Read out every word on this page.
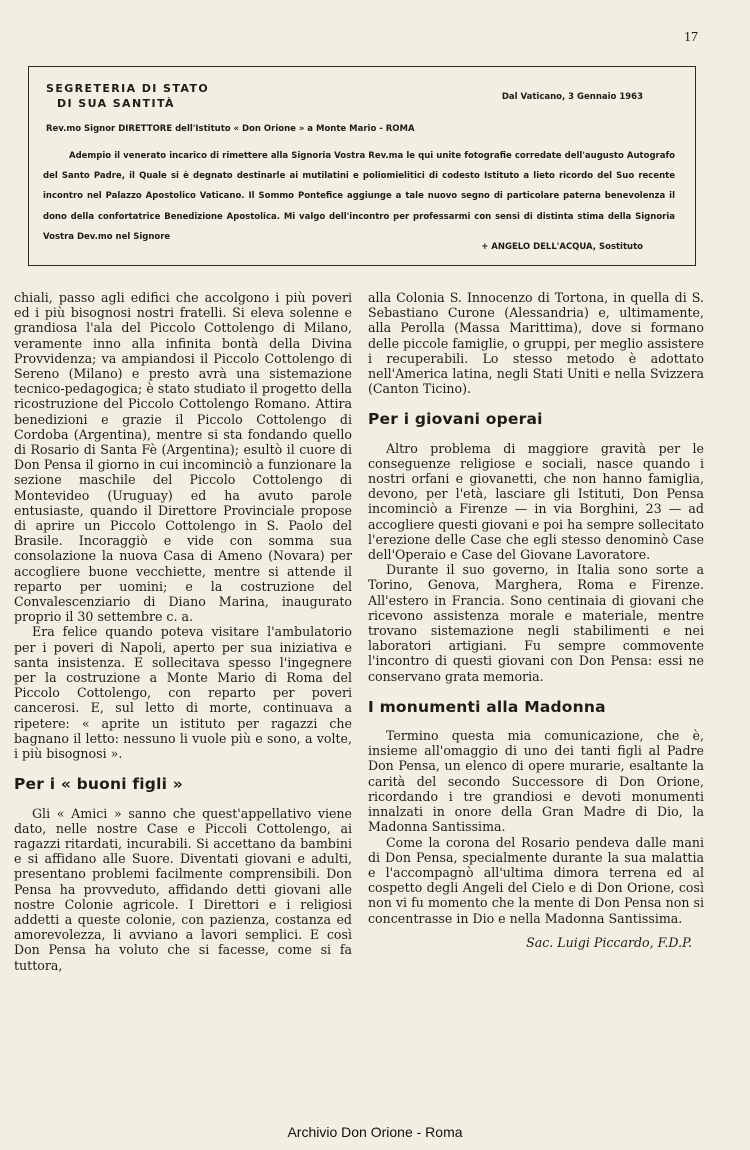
17
SEGRETERIA DI STATO
DI SUA SANTITÀ	Dal Vaticano, 3 Gennaio 1963
Rev.mo Signor DIRETTORE dell'Istituto « Don Orione » a Monte Mario - ROMA
Adempio il venerato incarico di rimettere alla Signoria Vostra Rev.ma le qui unite fotografie corredate dell'augusto Autografo del Santo Padre, il Quale si è degnato destinarle ai mutilatini e poliomielitici di codesto Istituto a lieto ricordo del Suo recente incontro nel Palazzo Apostolico Vaticano. Il Sommo Pontefice aggiunge a tale nuovo segno di particolare paterna benevolenza il dono della confortatrice Benedizione Apostolica. Mi valgo dell'incontro per professarmi con sensi di distinta stima della Signoria Vostra Dev.mo nel Signore
+ ANGELO DELL'ACQUA, Sostituto

chiali, passo agli edifici che accolgono i più poveri ed i più bisognosi nostri fratelli. Si eleva solenne e grandiosa l'ala del Piccolo Cottolengo di Milano, veramente inno alla infinita bontà della Divina Provvidenza; va ampiandosi il Piccolo Cottolengo di Sereno (Milano) e presto avrà una sistemazione tecnico-pedagogica; è stato studiato il progetto della ricostruzione del Piccolo Cottolengo Romano. Attira benedizioni e grazie il Piccolo Cottolengo di Cordoba (Argentina), mentre si sta fondando quello di Rosario di Santa Fè (Argentina); esultò il cuore di Don Pensa il giorno in cui incominciò a funzionare la sezione maschile del Piccolo Cottolengo di Montevideo (Uruguay) ed ha avuto parole entusiaste, quando il Direttore Provinciale propose di aprire un Piccolo Cottolengo in S. Paolo del Brasile. Incoraggiò e vide con somma sua consolazione la nuova Casa di Ameno (Novara) per accogliere buone vecchiette, mentre si attende il reparto per uomini; e la costruzione del Convalescenziario di Diano Marina, inaugurato proprio il 30 settembre c. a.

Era felice quando poteva visitare l'ambulatorio per i poveri di Napoli, aperto per sua iniziativa e santa insistenza. E sollecitava spesso l'ingegnere per la costruzione a Monte Mario di Roma del Piccolo Cottolengo, con reparto per poveri cancerosi. E, sul letto di morte, continuava a ripetere: « aprite un istituto per ragazzi che bagnano il letto: nessuno li vuole più e sono, a volte, i più bisognosi ».

Per i « buoni figli »

Gli « Amici » sanno che quest'appellativo viene dato, nelle nostre Case e Piccoli Cottolengo, ai ragazzi ritardati, incurabili. Si accettano da bambini e si affidano alle Suore. Diventati giovani e adulti, presentano problemi facilmente comprensibili. Don Pensa ha provveduto, affidando detti giovani alle nostre Colonie agricole. I Direttori e i religiosi addetti a queste colonie, con pazienza, costanza ed amorevolezza, li avviano a lavori semplici. E così Don Pensa ha voluto che si facesse, come si fa tuttora,

alla Colonia S. Innocenzo di Tortona, in quella di S. Sebastiano Curone (Alessandria) e, ultimamente, alla Perolla (Massa Marittima), dove si formano delle piccole famiglie, o gruppi, per meglio assistere i recuperabili. Lo stesso metodo è adottato nell'America latina, negli Stati Uniti e nella Svizzera (Canton Ticino).

Per i giovani operai

Altro problema di maggiore gravità per le conseguenze religiose e sociali, nasce quando i nostri orfani e giovanetti, che non hanno famiglia, devono, per l'età, lasciare gli Istituti, Don Pensa incominciò a Firenze — in via Borghini, 23 — ad accogliere questi giovani e poi ha sempre sollecitato l'erezione delle Case che egli stesso denominò Case dell'Operaio e Case del Giovane Lavoratore.

Durante il suo governo, in Italia sono sorte a Torino, Genova, Marghera, Roma e Firenze. All'estero in Francia. Sono centinaia di giovani che ricevono assistenza morale e materiale, mentre trovano sistemazione negli stabilimenti e nei laboratori artigiani. Fu sempre commovente l'incontro di questi giovani con Don Pensa: essi ne conservano grata memoria.

I monumenti alla Madonna

Termino questa mia comunicazione, che è, insieme all'omaggio di uno dei tanti figli al Padre Don Pensa, un elenco di opere murarie, esaltante la carità del secondo Successore di Don Orione, ricordando i tre grandiosi e devoti monumenti innalzati in onore della Gran Madre di Dio, la Madonna Santissima.

Come la corona del Rosario pendeva dalle mani di Don Pensa, specialmente durante la sua malattia e l'accompagnò all'ultima dimora terrena ed al cospetto degli Angeli del Cielo e di Don Orione, così non vi fu momento che la mente di Don Pensa non si concentrasse in Dio e nella Madonna Santissima.

Sac. Luigi Piccardo, F.D.P.
Archivio Don Orione - Roma
